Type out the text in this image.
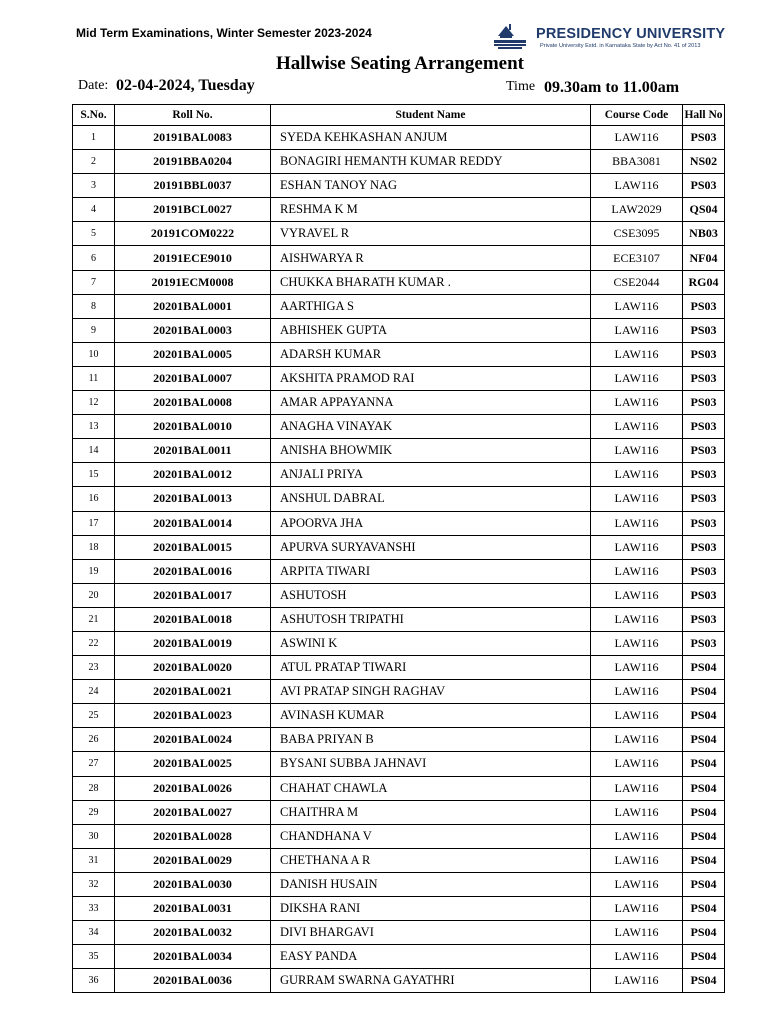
Mid Term Examinations, Winter Semester 2023-2024	PRESIDENCY UNIVERSITY
Private University Estd. in Karnataka State by Act No. 41 of 2013
Hallwise Seating Arrangement
Date: 02-04-2024, Tuesday	Time 09.30am to 11.00am
S.No.	Roll No.	Student Name	Course Code	Hall No
1	20191BAL0083	SYEDA KEHKASHAN ANJUM	LAW116	PS03
2	20191BBA0204	BONAGIRI HEMANTH KUMAR REDDY	BBA3081	NS02
3	20191BBL0037	ESHAN TANOY NAG	LAW116	PS03
4	20191BCL0027	RESHMA K M	LAW2029	QS04
5	20191COM0222	VYRAVEL R	CSE3095	NB03
6	20191ECE9010	AISHWARYA R	ECE3107	NF04
7	20191ECM0008	CHUKKA BHARATH KUMAR .	CSE2044	RG04
8	20201BAL0001	AARTHIGA S	LAW116	PS03
9	20201BAL0003	ABHISHEK GUPTA	LAW116	PS03
10	20201BAL0005	ADARSH KUMAR	LAW116	PS03
11	20201BAL0007	AKSHITA PRAMOD RAI	LAW116	PS03
12	20201BAL0008	AMAR APPAYANNA	LAW116	PS03
13	20201BAL0010	ANAGHA VINAYAK	LAW116	PS03
14	20201BAL0011	ANISHA BHOWMIK	LAW116	PS03
15	20201BAL0012	ANJALI PRIYA	LAW116	PS03
16	20201BAL0013	ANSHUL DABRAL	LAW116	PS03
17	20201BAL0014	APOORVA JHA	LAW116	PS03
18	20201BAL0015	APURVA SURYAVANSHI	LAW116	PS03
19	20201BAL0016	ARPITA TIWARI	LAW116	PS03
20	20201BAL0017	ASHUTOSH	LAW116	PS03
21	20201BAL0018	ASHUTOSH TRIPATHI	LAW116	PS03
22	20201BAL0019	ASWINI K	LAW116	PS03
23	20201BAL0020	ATUL PRATAP TIWARI	LAW116	PS04
24	20201BAL0021	AVI PRATAP SINGH RAGHAV	LAW116	PS04
25	20201BAL0023	AVINASH KUMAR	LAW116	PS04
26	20201BAL0024	BABA PRIYAN B	LAW116	PS04
27	20201BAL0025	BYSANI SUBBA JAHNAVI	LAW116	PS04
28	20201BAL0026	CHAHAT CHAWLA	LAW116	PS04
29	20201BAL0027	CHAITHRA M	LAW116	PS04
30	20201BAL0028	CHANDHANA V	LAW116	PS04
31	20201BAL0029	CHETHANA A R	LAW116	PS04
32	20201BAL0030	DANISH HUSAIN	LAW116	PS04
33	20201BAL0031	DIKSHA RANI	LAW116	PS04
34	20201BAL0032	DIVI BHARGAVI	LAW116	PS04
35	20201BAL0034	EASY PANDA	LAW116	PS04
36	20201BAL0036	GURRAM SWARNA GAYATHRI	LAW116	PS04
